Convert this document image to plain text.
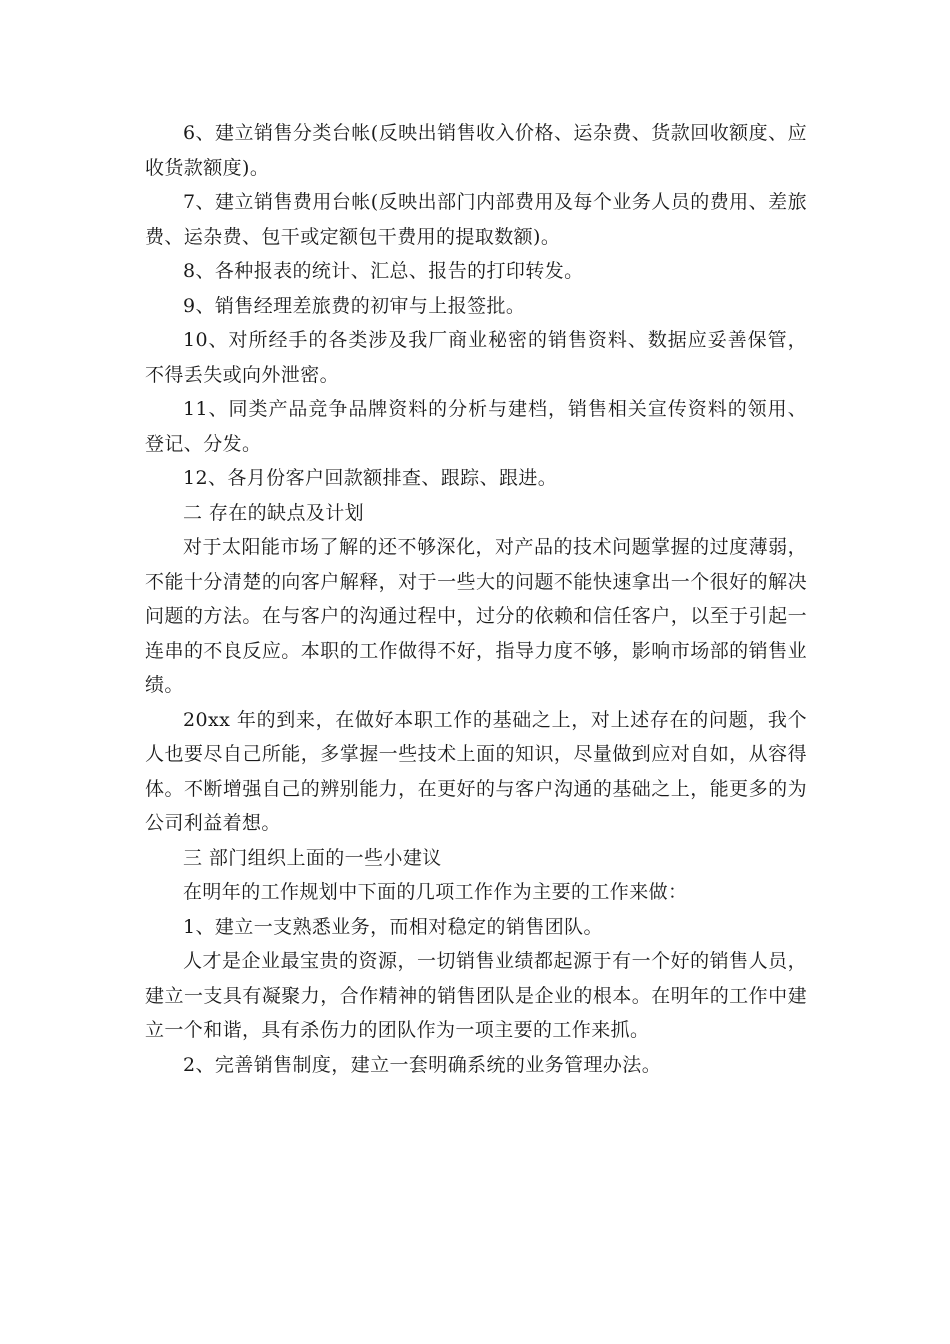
6、建立销售分类台帐(反映出销售收入价格、运杂费、货款回收额度、应收货款额度)。

7、建立销售费用台帐(反映出部门内部费用及每个业务人员的费用、差旅费、运杂费、包干或定额包干费用的提取数额)。

8、各种报表的统计、汇总、报告的打印转发。

9、销售经理差旅费的初审与上报签批。

10、对所经手的各类涉及我厂商业秘密的销售资料、数据应妥善保管，不得丢失或向外泄密。

11、同类产品竞争品牌资料的分析与建档，销售相关宣传资料的领用、登记、分发。

12、各月份客户回款额排查、跟踪、跟进。

二 存在的缺点及计划

对于太阳能市场了解的还不够深化，对产品的技术问题掌握的过度薄弱，不能十分清楚的向客户解释，对于一些大的问题不能快速拿出一个很好的解决问题的方法。在与客户的沟通过程中，过分的依赖和信任客户，以至于引起一连串的不良反应。本职的工作做得不好，指导力度不够，影响市场部的销售业绩。

20xx 年的到来，在做好本职工作的基础之上，对上述存在的问题，我个人也要尽自己所能，多掌握一些技术上面的知识，尽量做到应对自如，从容得体。不断增强自己的辨别能力，在更好的与客户沟通的基础之上，能更多的为公司利益着想。

三 部门组织上面的一些小建议

在明年的工作规划中下面的几项工作作为主要的工作来做：

1、建立一支熟悉业务，而相对稳定的销售团队。

人才是企业最宝贵的资源，一切销售业绩都起源于有一个好的销售人员，建立一支具有凝聚力，合作精神的销售团队是企业的根本。在明年的工作中建立一个和谐，具有杀伤力的团队作为一项主要的工作来抓。

2、完善销售制度，建立一套明确系统的业务管理办法。
